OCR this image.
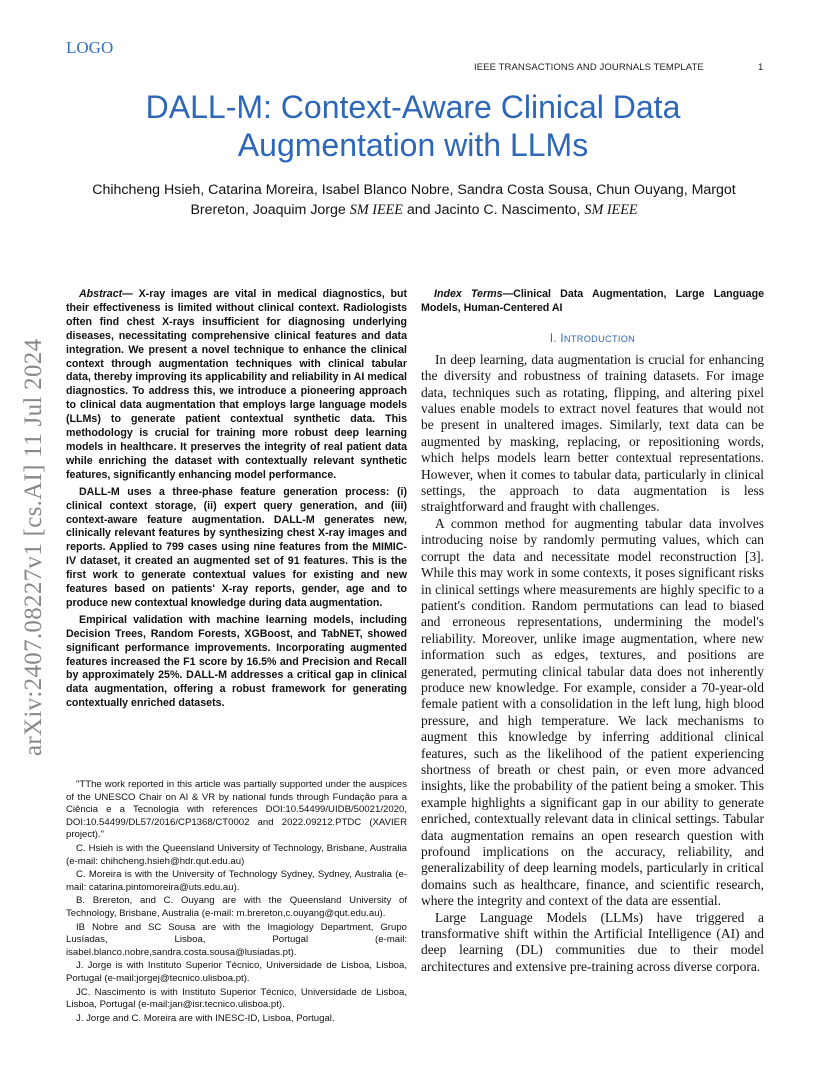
LOGO
IEEE TRANSACTIONS AND JOURNALS TEMPLATE	1
DALL-M: Context-Aware Clinical Data Augmentation with LLMs
Chihcheng Hsieh, Catarina Moreira, Isabel Blanco Nobre, Sandra Costa Sousa, Chun Ouyang, Margot Brereton, Joaquim Jorge SM IEEE and Jacinto C. Nascimento, SM IEEE
arXiv:2407.08227v1 [cs.AI] 11 Jul 2024

Abstract— X-ray images are vital in medical diagnostics, but their effectiveness is limited without clinical context. Radiologists often find chest X-rays insufficient for diagnosing underlying diseases, necessitating comprehensive clinical features and data integration. We present a novel technique to enhance the clinical context through augmentation techniques with clinical tabular data, thereby improving its applicability and reliability in AI medical diagnostics. To address this, we introduce a pioneering approach to clinical data augmentation that employs large language models (LLMs) to generate patient contextual synthetic data. This methodology is crucial for training more robust deep learning models in healthcare. It preserves the integrity of real patient data while enriching the dataset with contextually relevant synthetic features, significantly enhancing model performance.

DALL-M uses a three-phase feature generation process: (i) clinical context storage, (ii) expert query generation, and (iii) context-aware feature augmentation. DALL-M generates new, clinically relevant features by synthesizing chest X-ray images and reports. Applied to 799 cases using nine features from the MIMIC-IV dataset, it created an augmented set of 91 features. This is the first work to generate contextual values for existing and new features based on patients' X-ray reports, gender, age and to produce new contextual knowledge during data augmentation.

Empirical validation with machine learning models, including Decision Trees, Random Forests, XGBoost, and TabNET, showed significant performance improvements. Incorporating augmented features increased the F1 score by 16.5% and Precision and Recall by approximately 25%. DALL-M addresses a critical gap in clinical data augmentation, offering a robust framework for generating contextually enriched datasets.

"TThe work reported in this article was partially supported under the auspices of the UNESCO Chair on AI & VR by national funds through Fundação para a Ciência e a Tecnologia with references DOI:10.54499/UIDB/50021/2020, DOI:10.54499/DL57/2016/CP1368/CT0002 and 2022.09212.PTDC (XAVIER project)."

C. Hsieh is with the Queensland University of Technology, Brisbane, Australia (e-mail: chihcheng.hsieh@hdr.qut.edu.au)

C. Moreira is with the University of Technology Sydney, Sydney, Australia (e-mail: catarina.pintomoreira@uts.edu.au).

B. Brereton, and C. Ouyang are with the Queensland University of Technology, Brisbane, Australia (e-mail: m.brereton,c.ouyang@qut.edu.au).

IB Nobre and SC Sousa are with the Imagiology Department, Grupo Lusíadas, Lisboa, Portugal (e-mail: isabel.blanco.nobre,sandra.costa.sousa@lusiadas.pt).

J. Jorge is with Instituto Superior Técnico, Universidade de Lisboa, Lisboa, Portugal (e-mail:jorgej@tecnico.ulisboa.pt).

JC. Nascimento is with Instituto Superior Técnico, Universidade de Lisboa, Lisboa, Portugal (e-mail:jan@isr.tecnico.ulisboa.pt).

J. Jorge and C. Moreira are with INESC-ID, Lisboa, Portugal.

Index Terms—Clinical Data Augmentation, Large Language Models, Human-Centered AI

I. INTRODUCTION

In deep learning, data augmentation is crucial for enhancing the diversity and robustness of training datasets. For image data, techniques such as rotating, flipping, and altering pixel values enable models to extract novel features that would not be present in unaltered images. Similarly, text data can be augmented by masking, replacing, or repositioning words, which helps models learn better contextual representations. However, when it comes to tabular data, particularly in clinical settings, the approach to data augmentation is less straightforward and fraught with challenges.

A common method for augmenting tabular data involves introducing noise by randomly permuting values, which can corrupt the data and necessitate model reconstruction [3]. While this may work in some contexts, it poses significant risks in clinical settings where measurements are highly specific to a patient's condition. Random permutations can lead to biased and erroneous representations, undermining the model's reliability. Moreover, unlike image augmentation, where new information such as edges, textures, and positions are generated, permuting clinical tabular data does not inherently produce new knowledge. For example, consider a 70-year-old female patient with a consolidation in the left lung, high blood pressure, and high temperature. We lack mechanisms to augment this knowledge by inferring additional clinical features, such as the likelihood of the patient experiencing shortness of breath or chest pain, or even more advanced insights, like the probability of the patient being a smoker. This example highlights a significant gap in our ability to generate enriched, contextually relevant data in clinical settings. Tabular data augmentation remains an open research question with profound implications on the accuracy, reliability, and generalizability of deep learning models, particularly in critical domains such as healthcare, finance, and scientific research, where the integrity and context of the data are essential.

Large Language Models (LLMs) have triggered a transformative shift within the Artificial Intelligence (AI) and deep learning (DL) communities due to their model architectures and extensive pre-training across diverse corpora.
